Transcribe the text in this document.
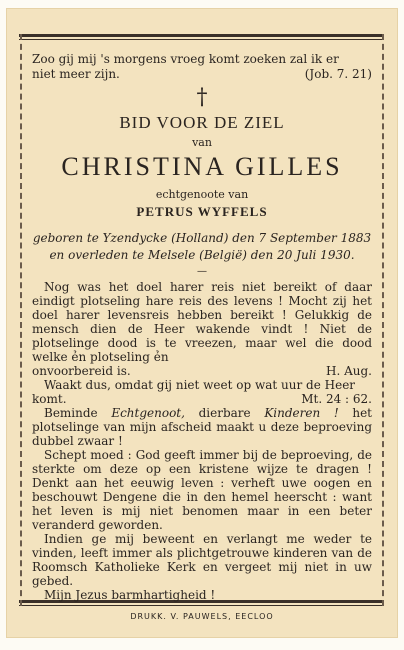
Zoo gij mij 's morgens vroeg komt zoeken zal ik er
niet meer zijn.	(Job. 7. 21)
†
BID VOOR DE ZIEL
van
CHRISTINA GILLES
echtgenoote van
PETRUS WYFFELS
geboren te Yzendycke (Holland) den 7 September 1883
en overleden te Melsele (België) den 20 Juli 1930.
—

Nog was het doel harer reis niet bereikt of daar eindigt plotseling hare reis des levens ! Mocht zij het doel harer levensreis hebben bereikt ! Gelukkig de mensch dien de Heer wakende vindt ! Niet de plotselinge dood is te vreezen, maar wel die dood welke ẻn plotseling ẻn

onvoorbereid is.	H. Aug.

Waakt dus, omdat gij niet weet op wat uur de Heer

komt.	Mt. 24 : 62.

Beminde Echtgenoot, dierbare Kinderen ! het plotselinge van mijn afscheid maakt u deze beproeving dubbel zwaar !

Schept moed : God geeft immer bij de beproeving, de sterkte om deze op een kristene wijze te dragen ! Denkt aan het eeuwig leven : verheft uwe oogen en beschouwt Dengene die in den hemel heerscht : want het leven is mij niet benomen maar in een beter veranderd geworden.

Indien ge mij beweent en verlangt me weder te vinden, leeft immer als plichtgetrouwe kinderen van de Roomsch Katholieke Kerk en vergeet mij niet in uw gebed.

Mijn Jezus barmhartigheid !

DRUKK. V. PAUWELS, EECLOO
